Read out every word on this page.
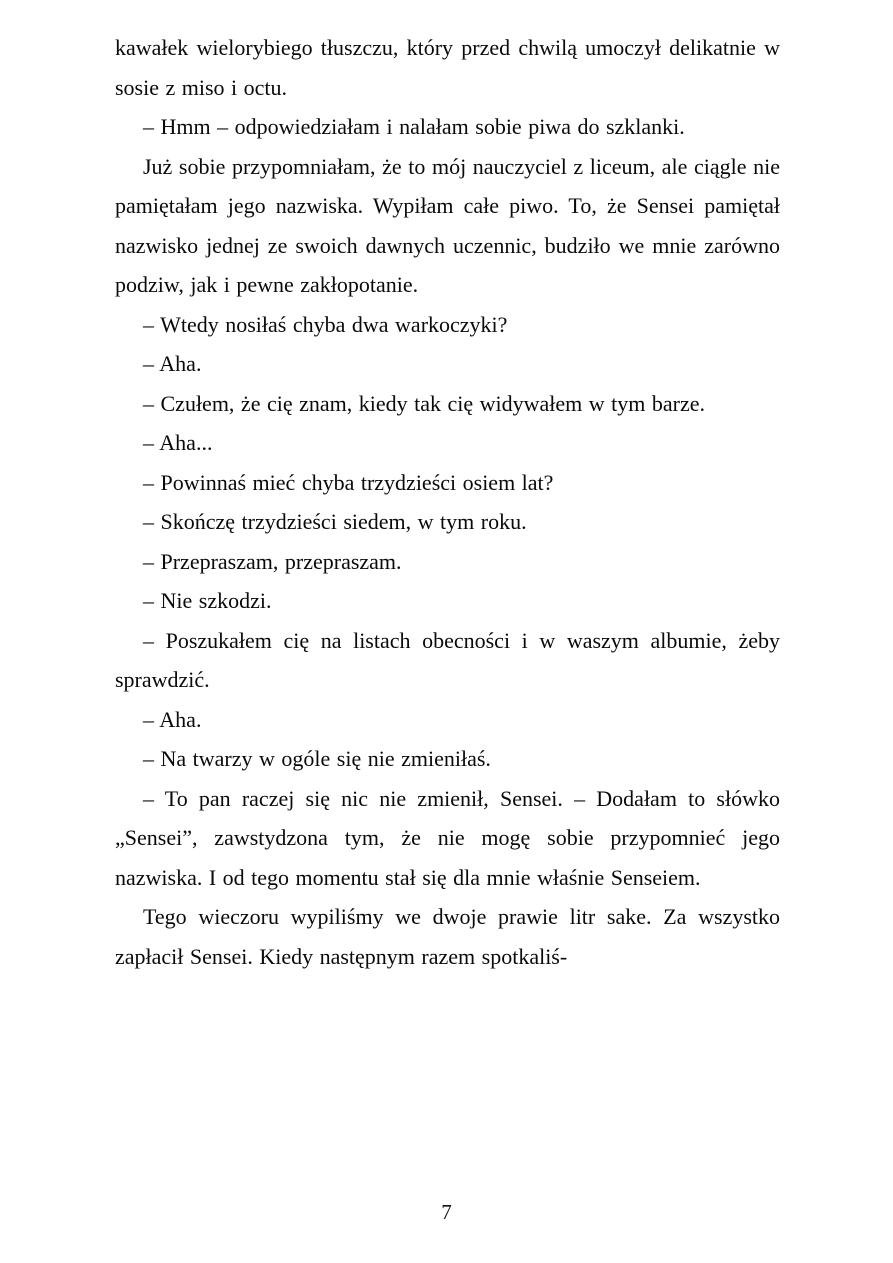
kawałek wielorybiego tłuszczu, który przed chwilą umoczył delikatnie w sosie z miso i octu.

– Hmm – odpowiedziałam i nalałam sobie piwa do szklanki.

Już sobie przypomniałam, że to mój nauczyciel z liceum, ale ciągle nie pamiętałam jego nazwiska. Wypiłam całe piwo. To, że Sensei pamiętał nazwisko jednej ze swoich dawnych uczennic, budziło we mnie zarówno podziw, jak i pewne zakłopotanie.

– Wtedy nosiłaś chyba dwa warkoczyki?

– Aha.

– Czułem, że cię znam, kiedy tak cię widywałem w tym barze.

– Aha...

– Powinnaś mieć chyba trzydzieści osiem lat?

– Skończę trzydzieści siedem, w tym roku.

– Przepraszam, przepraszam.

– Nie szkodzi.

– Poszukałem cię na listach obecności i w waszym albumie, żeby sprawdzić.

– Aha.

– Na twarzy w ogóle się nie zmieniłaś.

– To pan raczej się nic nie zmienił, Sensei. – Dodałam to słówko „Sensei”, zawstydzona tym, że nie mogę sobie przypomnieć jego nazwiska. I od tego momentu stał się dla mnie właśnie Senseiem.

Tego wieczoru wypiliśmy we dwoje prawie litr sake. Za wszystko zapłacił Sensei. Kiedy następnym razem spotkaliś-

7
